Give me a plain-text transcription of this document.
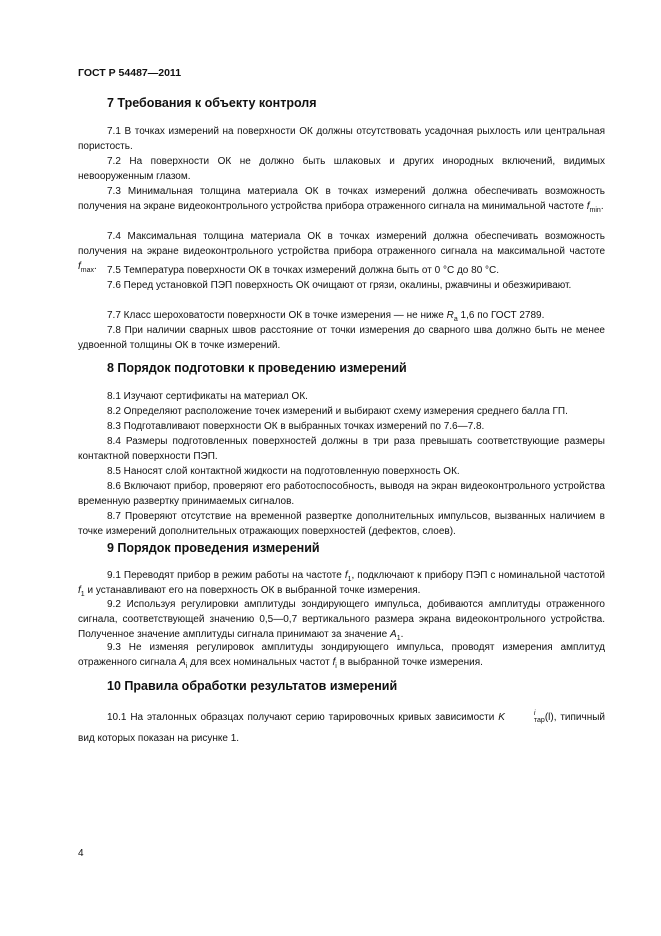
ГОСТ Р 54487—2011
7 Требования к объекту контроля
7.1 В точках измерений на поверхности ОК должны отсутствовать усадочная рыхлость или центральная пористость.
7.2 На поверхности ОК не должно быть шлаковых и других инородных включений, видимых невооруженным глазом.
7.3 Минимальная толщина материала ОК в точках измерений должна обеспечивать возможность получения на экране видеоконтрольного устройства прибора отраженного сигнала на минимальной частоте $f_{min}$.
7.4 Максимальная толщина материала ОК в точках измерений должна обеспечивать возможность получения на экране видеоконтрольного устройства прибора отраженного сигнала на максимальной частоте $f_{max}$.	7.5 Температура поверхности ОК в точках измерений должна быть от 0 °С до 80 °С.
7.6 Перед установкой ПЭП поверхность ОК очищают от грязи, окалины, ржавчины и обезжиривают.
7.7 Класс шероховатости поверхности ОК в точке измерения — не ниже $R_a$ 1,6 по ГОСТ 2789.
7.8 При наличии сварных швов расстояние от точки измерения до сварного шва должно быть не менее удвоенной толщины ОК в точке измерений.
8 Порядок подготовки к проведению измерений
8.1 Изучают сертификаты на материал ОК.
8.2 Определяют расположение точек измерений и выбирают схему измерения среднего балла ГП.
8.3 Подготавливают поверхности ОК в выбранных точках измерений по 7.6—7.8.
8.4 Размеры подготовленных поверхностей должны в три раза превышать соответствующие размеры контактной поверхности ПЭП.
8.5 Наносят слой контактной жидкости на подготовленную поверхность ОК.
8.6 Включают прибор, проверяют его работоспособность, выводя на экран видеоконтрольного устройства временную развертку принимаемых сигналов.
8.7 Проверяют отсутствие на временной развертке дополнительных импульсов, вызванных наличием в точке измерений дополнительных отражающих поверхностей (дефектов, слоев).
9 Порядок проведения измерений
9.1 Переводят прибор в режим работы на частоте $f_1$, подключают к прибору ПЭП с номинальной частотой $f_1$ и устанавливают его на поверхность ОК в выбранной точке измерения.
9.2 Используя регулировки амплитуды зондирующего импульса, добиваются амплитуды отраженного сигнала, соответствующей значению 0,5—0,7 вертикального размера экрана видеоконтрольного устройства. Полученное значение амплитуды сигнала принимают за значение $A_1$.
9.3 Не изменяя регулировок амплитуды зондирующего импульса, проводят измерения амплитуд отраженного сигнала $A_i$ для всех номинальных частот $f_i$ в выбранной точке измерения.
10 Правила обработки результатов измерений
10.1 На эталонных образцах получают серию тарировочных кривых зависимости K	i
тар (l), типичный вид которых показан на рисунке 1.
4
